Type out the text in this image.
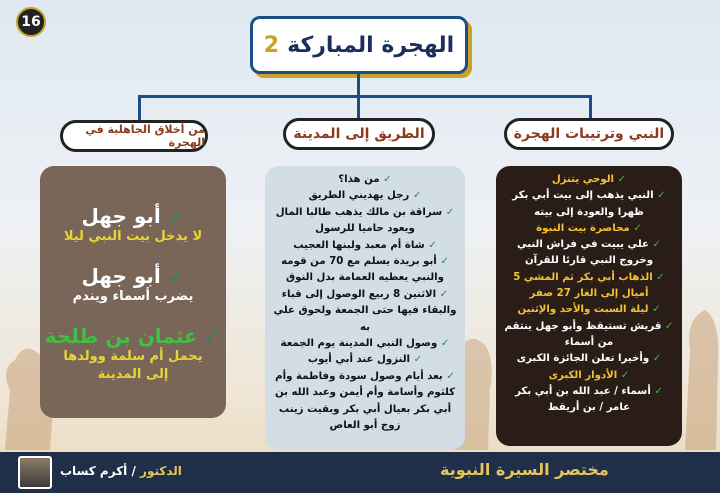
16
الهجرة المباركة
2
النبي وترتيبات الهجرة
الطريق إلى المدينة
من أخلاق الجاهلية في الهجرة
✓ أبو جهل
لا يدخل بيت النبي ليلا
✓ أبو جهل
يضرب أسماء ويندم
✓ عثمان بن طلحة
يحمل أم سلمة وولدها إلى المدينة
✓ من هذا؟
✓ رجل يهديني الطريق
✓ سراقة بن مالك يذهب طالبا المال ويعود حاميا للرسول
✓ شاة أم معبد ولبنها العجيب
✓ أبو بريدة يسلم مع 70 من قومه والنبي يعطيه العمامة بدل النوق
✓ الاثنين 8 ربيع الوصول إلى قباء والبقاء فيها حتى الجمعة ولحوق علي به
✓ وصول النبي المدينة يوم الجمعة
✓ النزول عند أبي أيوب
✓ بعد أيام وصول سودة وفاطمة وأم كلثوم وأسامة وأم أيمن وعبد الله بن أبي بكر بعيال أبي بكر وبقيت زينب زوج أبو العاص
✓ الوحي يتنزل
✓ النبي يذهب إلى بيت أبي بكر ظهرا والعودة إلى بيته
✓ محاصرة بيت النبوة
✓ علي يبيت في فراش النبي وخروج النبي قارئا للقرآن
✓ الذهاب أبي بكر ثم المشي 5 أميال إلى الغار 27 صفر
✓ ليلة السبت والأحد والإثنين
✓ قريش تستيقظ وأبو جهل ينتقم من أسماء
✓ وأخيرا تعلن الجائزة الكبرى
✓ الأدوار الكبرى
✓ أسماء / عبد الله بن أبي بكر عامر / بن أريقط
مختصر السيرة النبوية
الدكتور / أكرم كساب
